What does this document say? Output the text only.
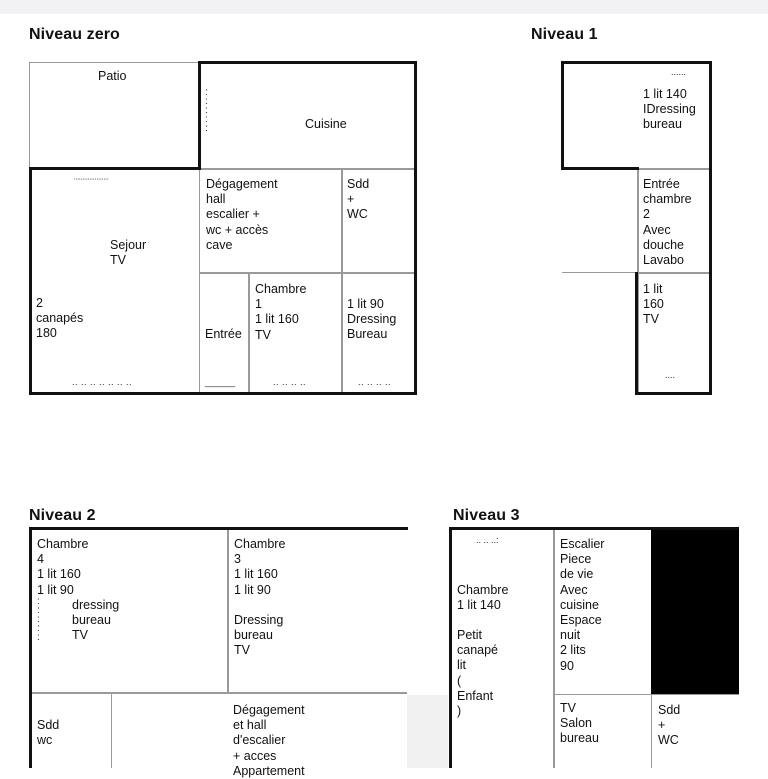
Niveau zero
Patio
Cuisine
:
:
:
:
:
¨¨¨¨¨¨¨¨¨¨
Sejour TV
2 canapés 180
.. .. .. .. .. .. ..
Dégagement hall
escalier + wc + accès
cave
Sdd + WC
Entrée
______
Chambre 1
1 lit 160
TV
.. .. .. ..
1 lit 90
Dressing
Bureau
.. .. .. ..
Niveau 1
......
1 lit 140
IDressing
bureau
Entrée
chambre 2
Avec
douche
Lavabo
1 lit 160
TV
....
Niveau 2
Chambre 4
1 lit 160
1 lit 90
:
:
:
:
:
dressing bureau TV
Chambre 3
1 lit 160
1 lit 90
Dressing bureau TV
Sdd wc
Dégagement et hall
d'escalier
+ acces Appartement
Niveau 3
.. .. ..:
Chambre
1 lit 140
Petit canapé lit
( Enfant )
Escalier
Piece de vie
Avec cuisine
Espace nuit
2 lits 90
TV
Salon bureau
Sdd + WC
